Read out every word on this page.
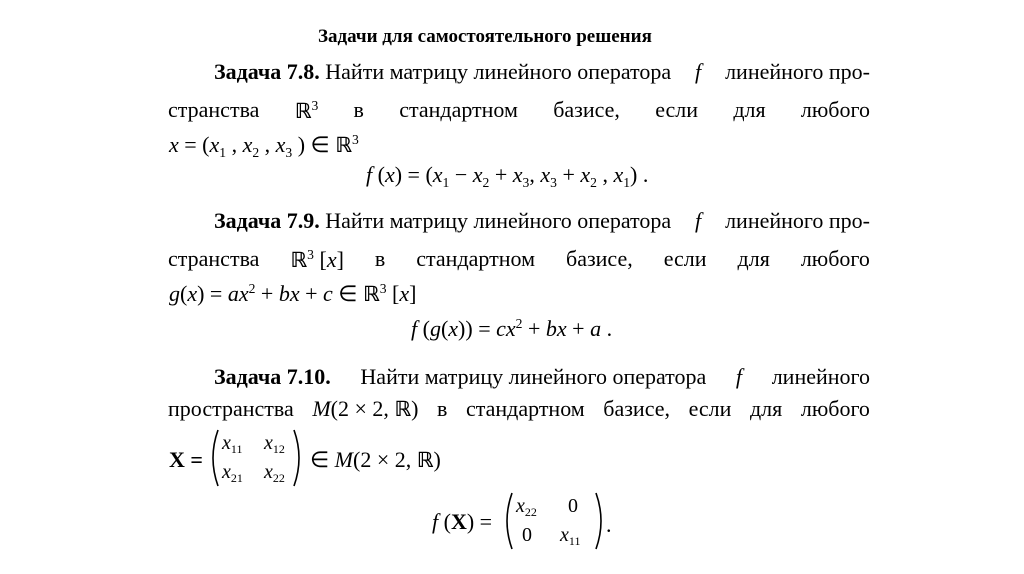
Задачи для самостоятельного решения
Задача 7.8. Найти матрицу линейного оператора f линейного про-
странства ℝ$^3$ в стандартном базисе, если для любого
$x = (x_1$ , $x_2$ , $x_3$ ) ∈ ℝ$^3$
f $(x) = (x_1 - x_2 + x_3$, $x_3 + x_2$ , $x_1$) .
Задача 7.9. Найти матрицу линейного оператора f линейного про-
странства ℝ$^3$ [x] в стандартном базисе, если для любого
$g(x) = ax^2$ + bx + c ∈ ℝ$^3$ [x]
f $(g(x)) = cx^2$ + bx + a .
Задача 7.10. Найти матрицу линейного оператора f линейного
пространства M(2 × 2, ℝ) в стандартном базисе, если для любого
X =
$x_{11}$ $x_{12}$
$x_{21}$ $x_{22}$
∈ M(2 × 2, ℝ)
f (X) =
$x_{22}$ 0
0 $x_{11}$
.
